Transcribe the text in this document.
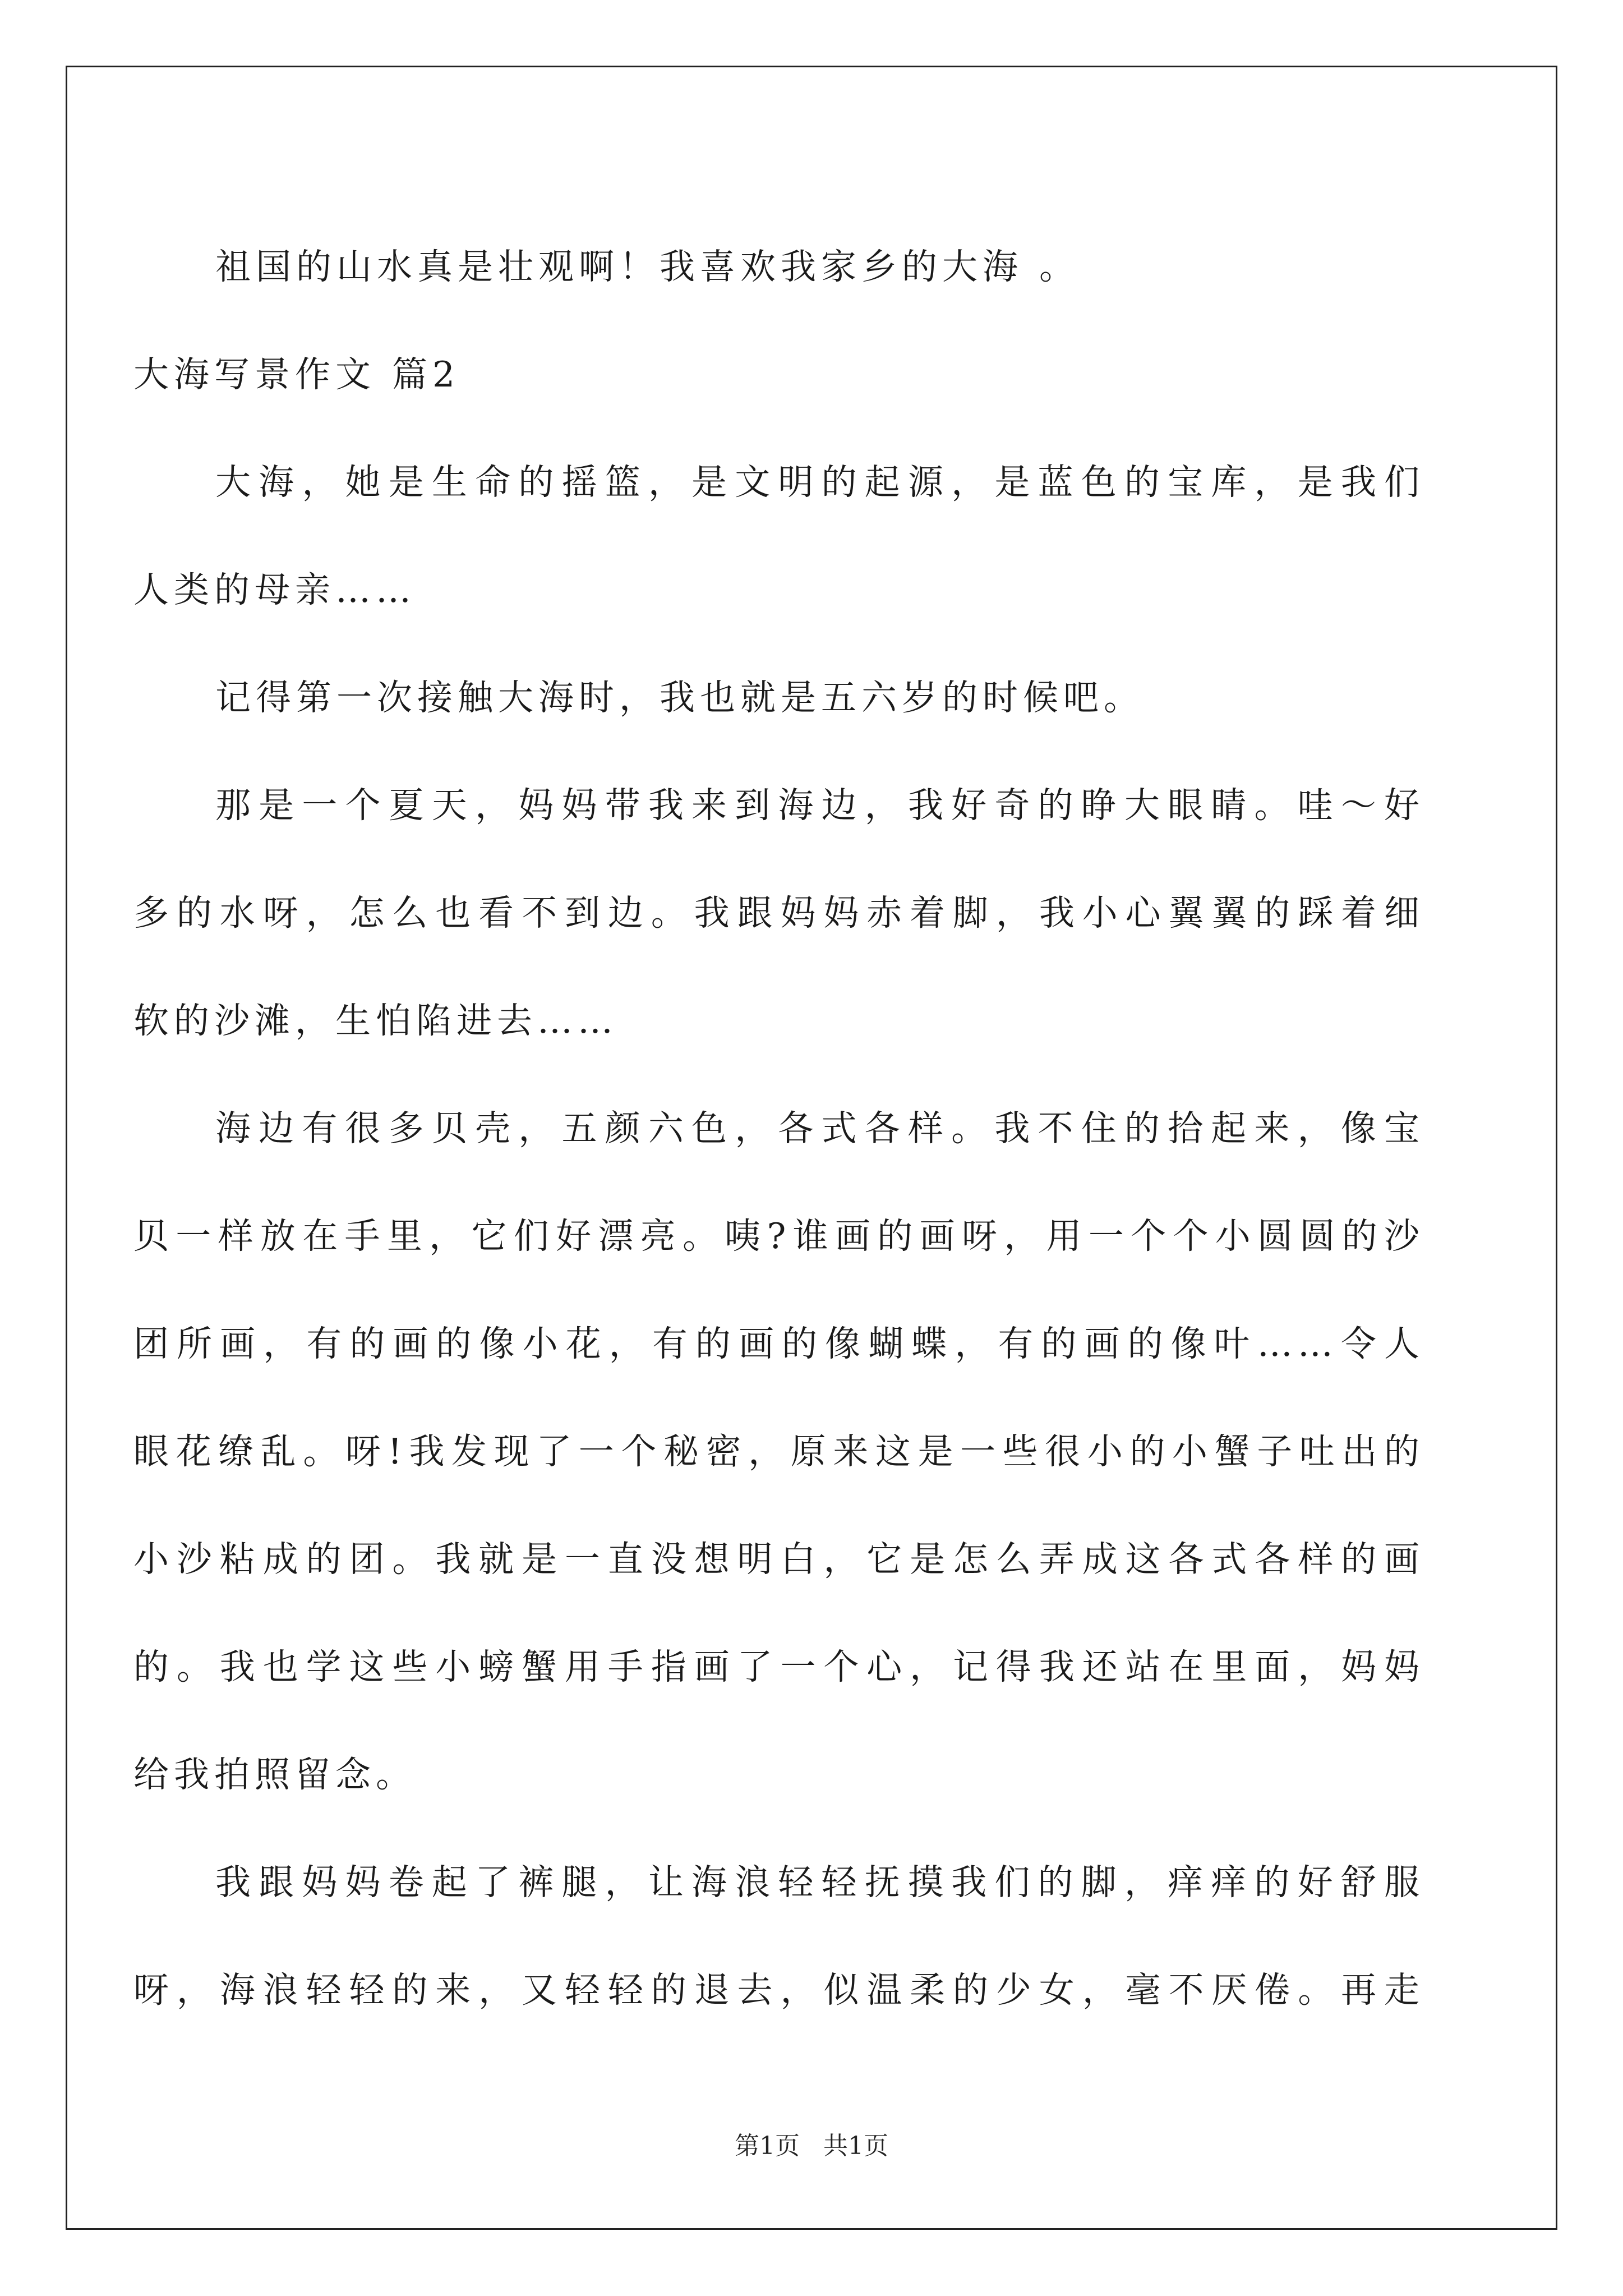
祖国的山水真是壮观啊！我喜欢我家乡的大海 。
大海写景作文 篇2
大海，她是生命的摇篮，是文明的起源，是蓝色的宝库，是我们
人类的母亲……
记得第一次接触大海时，我也就是五六岁的时候吧。
那是一个夏天，妈妈带我来到海边，我好奇的睁大眼睛。哇～好
多的水呀，怎么也看不到边。我跟妈妈赤着脚，我小心翼翼的踩着细
软的沙滩，生怕陷进去……
海边有很多贝壳，五颜六色，各式各样。我不住的拾起来，像宝
贝一样放在手里，它们好漂亮。咦?谁画的画呀，用一个个小圆圆的沙
团所画，有的画的像小花，有的画的像蝴蝶，有的画的像叶……令人
眼花缭乱。呀!我发现了一个秘密，原来这是一些很小的小蟹子吐出的
小沙粘成的团。我就是一直没想明白，它是怎么弄成这各式各样的画
的。我也学这些小螃蟹用手指画了一个心，记得我还站在里面，妈妈
给我拍照留念。
我跟妈妈卷起了裤腿，让海浪轻轻抚摸我们的脚，痒痒的好舒服
呀，海浪轻轻的来，又轻轻的退去，似温柔的少女，毫不厌倦。再走
第1页 共1页
